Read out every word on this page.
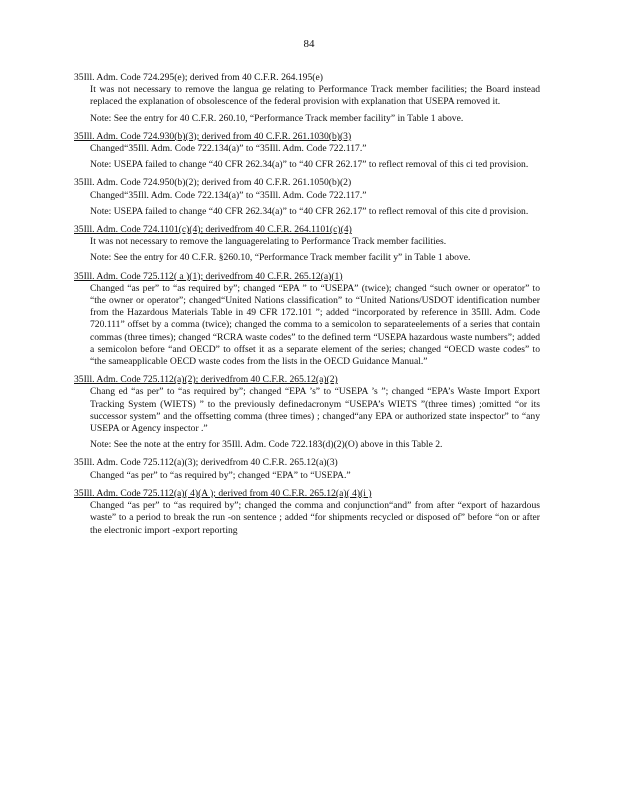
84
35Ill. Adm. Code 724.295(e); derived from 40 C.F.R. 264.195(e)
It was not necessary to remove the langua ge relating to Performance Track member facilities; the Board instead replaced the explanation of obsolescence of the federal provision with explanation that USEPA removed it.
Note: See the entry for 40 C.F.R. 260.10, “Performance Track member facility” in Table 1 above.
35Ill. Adm. Code 724.930(b)(3); derived from 40 C.F.R. 261.1030(b)(3)
Changed“35Ill. Adm. Code 722.134(a)” to “35Ill. Adm. Code 722.117.”
Note: USEPA failed to change “40 CFR 262.34(a)” to “40 CFR 262.17” to reflect removal of this ci ted provision.
35Ill. Adm. Code 724.950(b)(2); derived from 40 C.F.R. 261.1050(b)(2)
Changed“35Ill. Adm. Code 722.134(a)” to “35Ill. Adm. Code 722.117.”
Note: USEPA failed to change “40 CFR 262.34(a)” to “40 CFR 262.17” to reflect removal of this cite d provision.
35Ill. Adm. Code 724.1101(c)(4); derivedfrom 40 C.F.R. 264.1101(c)(4)
It was not necessary to remove the languagerelating to Performance Track member facilities.
Note: See the entry for 40 C.F.R. §260.10, “Performance Track member facilit y” in Table 1 above.
35Ill. Adm. Code 725.112( a )(1); derivedfrom 40 C.F.R. 265.12(a)(1)
Changed “as per” to “as required by”; changed “EPA ” to “USEPA” (twice); changed “such owner or operator” to “the owner or operator”; changed“United Nations classification” to “United Nations/USDOT identification number from the Hazardous Materials Table in 49 CFR 172.101 ”; added “incorporated by reference in 35Ill. Adm. Code 720.111” offset by a comma (twice); changed the comma to a semicolon to separateelements of a series that contain commas (three times); changed “RCRA waste codes” to the defined term “USEPA hazardous waste numbers”; added a semicolon before “and OECD” to offset it as a separate element of the series; changed “OECD waste codes” to “the sameapplicable OECD waste codes from the lists in the OECD Guidance Manual.”
35Ill. Adm. Code 725.112(a)(2); derivedfrom 40 C.F.R. 265.12(a)(2)
Chang ed “as per” to “as required by”; changed “EPA ’s” to “USEPA ’s ”; changed “EPA’s Waste Import Export Tracking System (WIETS) ” to the previously definedacronym “USEPA’s WIETS ”(three times) ;omitted “or its successor system” and the offsetting comma (three times) ; changed“any EPA or authorized state inspector” to “any USEPA or Agency inspector .”
Note: See the note at the entry for 35Ill. Adm. Code 722.183(d)(2)(O) above in this Table 2.
35Ill. Adm. Code 725.112(a)(3); derivedfrom 40 C.F.R. 265.12(a)(3)
Changed “as per” to “as required by”; changed “EPA” to “USEPA.”
35Ill. Adm. Code 725.112(a)( 4)(A ); derived from 40 C.F.R. 265.12(a)( 4)(i )
Changed “as per” to “as required by”; changed the comma and conjunction“and” from after “export of hazardous waste” to a period to break the run -on sentence ; added “for shipments recycled or disposed of” before “on or after the electronic import -export reporting
